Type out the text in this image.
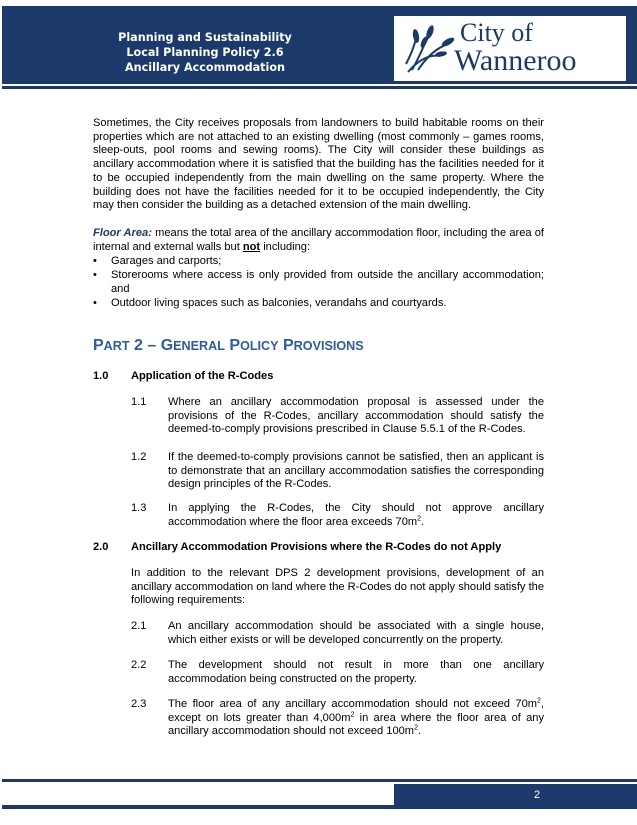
Planning and Sustainability
Local Planning Policy 2.6
Ancillary Accommodation
City of
Wanneroo

Sometimes, the City receives proposals from landowners to build habitable rooms on their properties which are not attached to an existing dwelling (most commonly – games rooms, sleep-outs, pool rooms and sewing rooms). The City will consider these buildings as ancillary accommodation where it is satisfied that the building has the facilities needed for it to be occupied independently from the main dwelling on the same property. Where the building does not have the facilities needed for it to be occupied independently, the City may then consider the building as a detached extension of the main dwelling.

Floor Area: means the total area of the ancillary accommodation floor, including the area of internal and external walls but not including:

• Garages and carports;
• Storerooms where access is only provided from outside the ancillary accommodation; and
• Outdoor living spaces such as balconies, verandahs and courtyards.
PART 2 – GENERAL POLICY PROVISIONS
1.0 Application of the R-Codes
1.1 Where an ancillary accommodation proposal is assessed under the provisions of the R-Codes, ancillary accommodation should satisfy the deemed-to-comply provisions prescribed in Clause 5.5.1 of the R-Codes.
1.2 If the deemed-to-comply provisions cannot be satisfied, then an applicant is to demonstrate that an ancillary accommodation satisfies the corresponding design principles of the R-Codes.
1.3 In applying the R-Codes, the City should not approve ancillary accommodation where the floor area exceeds $70m^2$.
2.0 Ancillary Accommodation Provisions where the R-Codes do not Apply
In addition to the relevant DPS 2 development provisions, development of an ancillary accommodation on land where the R-Codes do not apply should satisfy the following requirements:
2.1 An ancillary accommodation should be associated with a single house, which either exists or will be developed concurrently on the property.
2.2 The development should not result in more than one ancillary accommodation being constructed on the property.
2.3 The floor area of any ancillary accommodation should not exceed $70m^2$, except on lots greater than $4,000m^2$ in area where the floor area of any ancillary accommodation should not exceed $100m^2$.
2
